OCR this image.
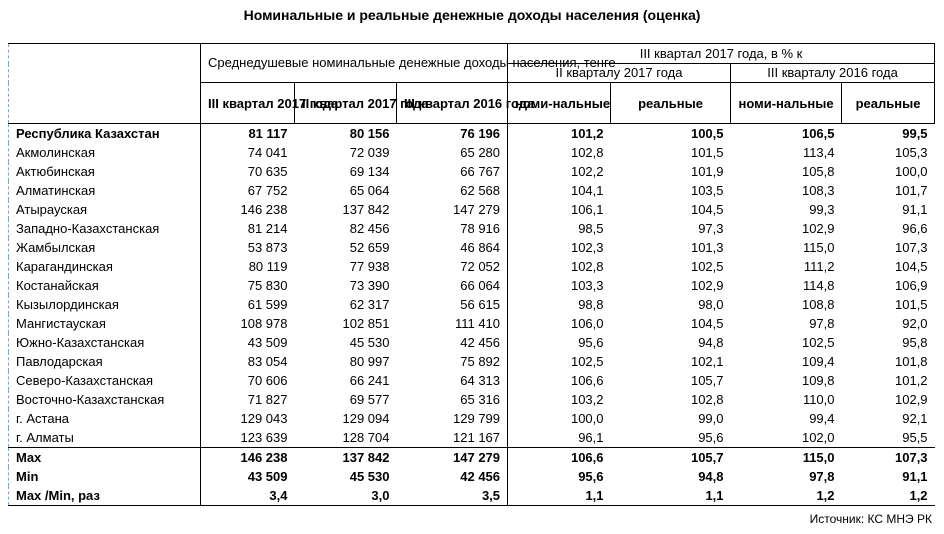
Номинальные и реальные денежные доходы населения (оценка)
	Среднедушевые номинальные денежные доходы населения, тенге			III квартал 2017 года, в % к			
				II кварталу 2017 года		III кварталу 2016 года	
	III квартал 2017 года	II квартал 2017 года	III квартал 2016 года	номи-нальные	реальные	номи-нальные	реальные
Республика Казахстан	81 117	80 156	76 196	101,2	100,5	106,5	99,5
Акмолинская	74 041	72 039	65 280	102,8	101,5	113,4	105,3
Актюбинская	70 635	69 134	66 767	102,2	101,9	105,8	100,0
Алматинская	67 752	65 064	62 568	104,1	103,5	108,3	101,7
Атырауская	146 238	137 842	147 279	106,1	104,5	99,3	91,1
Западно-Казахстанская	81 214	82 456	78 916	98,5	97,3	102,9	96,6
Жамбылская	53 873	52 659	46 864	102,3	101,3	115,0	107,3
Карагандинская	80 119	77 938	72 052	102,8	102,5	111,2	104,5
Костанайская	75 830	73 390	66 064	103,3	102,9	114,8	106,9
Кызылординская	61 599	62 317	56 615	98,8	98,0	108,8	101,5
Мангистауская	108 978	102 851	111 410	106,0	104,5	97,8	92,0
Южно-Казахстанская	43 509	45 530	42 456	95,6	94,8	102,5	95,8
Павлодарская	83 054	80 997	75 892	102,5	102,1	109,4	101,8
Северо-Казахстанская	70 606	66 241	64 313	106,6	105,7	109,8	101,2
Восточно-Казахстанская	71 827	69 577	65 316	103,2	102,8	110,0	102,9
г. Астана	129 043	129 094	129 799	100,0	99,0	99,4	92,1
г. Алматы	123 639	128 704	121 167	96,1	95,6	102,0	95,5
Max	146 238	137 842	147 279	106,6	105,7	115,0	107,3
Min	43 509	45 530	42 456	95,6	94,8	97,8	91,1
Max /Min, раз	3,4	3,0	3,5	1,1	1,1	1,2	1,2
Источник: КС МНЭ РК
